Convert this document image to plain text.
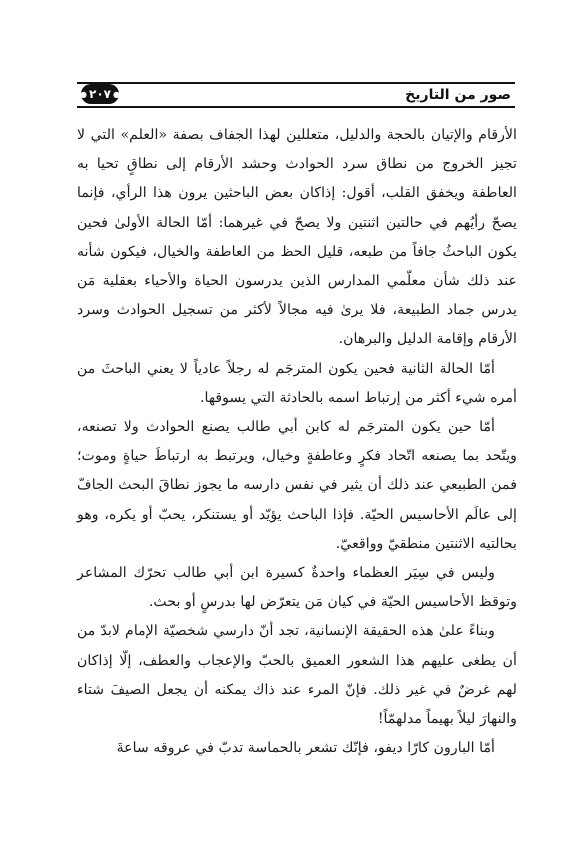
صور من التاريخ
●
٢٠٧
●

الأرقام والإتيان بالحجة والدليل، متعللين لهذا الجفاف بصفة «العلم» التي لا تجيز الخروج من نطاق سرد الحوادث وحشد الأرقام إلى نطاقٍ تحيا به العاطفة ويخفق القلب، أقول: إذاكان بعض الباحثين يرون هذا الرأي، فإنما يصحّ رأيُهم في حالتين اثنتين ولا يصحّ في غيرهما: أمّا الحالة الأولىٰ فحين يكون الباحثُ جافاً من طبعه، قليل الحظ من العاطفة والخيال، فيكون شأنه عند ذلك شأن معلّمي المدارس الذين يدرسون الحياة والأحياء بعقلية مَن يدرس جماد الطبيعة، فلا يرىٰ فيه مجالاً لأكثر من تسجيل الحوادث وسرد الأرقام وإقامة الدليل والبرهان.

أمّا الحالة الثانية فحين يكون المترجَم له رجلاً عادياً لا يعني الباحثَ من أمره شيء أكثر من إرتباط اسمه بالحادثة التي يسوقها.

أمّا حين يكون المترجَم له كابن أبي طالب يصنع الحوادث ولا تصنعه، ويتّحد بما يصنعه اتّحاد فكرٍ وعاطفةٍ وخيال، ويرتبط به ارتباطَ حياةٍ وموت؛ فمن الطبيعي عند ذلك أن يثير في نفس دارسه ما يجوز نطاقَ البحث الجافّ إلى عالَم الأحاسيس الحيّة. فإذا الباحث يؤيّد أو يستنكر، يحبّ أو يكره، وهو بحالتيه الاثنتين منطقيّ وواقعيّ.

وليس في سِيَر العظماء واحدةٌ كسيرة ابن أبي طالب تحرّك المشاعر وتوقظ الأحاسيس الحيّة في كيان مَن يتعرّض لها بدرسٍ أو بحث.

وبناءً علىٰ هذه الحقيقة الإنسانية، تجد أنّ دارسي شخصيّة الإمام لابدّ من أن يطغى عليهم هذا الشعور العميق بالحبّ والإعجاب والعطف، إلّا إذاكان لهم غرضٌ في غير ذلك. فإنّ المرء عند ذاك يمكنه أن يجعل الصيفَ شتاء والنهارَ ليلاً بهيماً مدلهمّاً!

أمّا البارون كارّا ديفو، فإنّك تشعر بالحماسة تدبّ في عروقه ساعةَ
